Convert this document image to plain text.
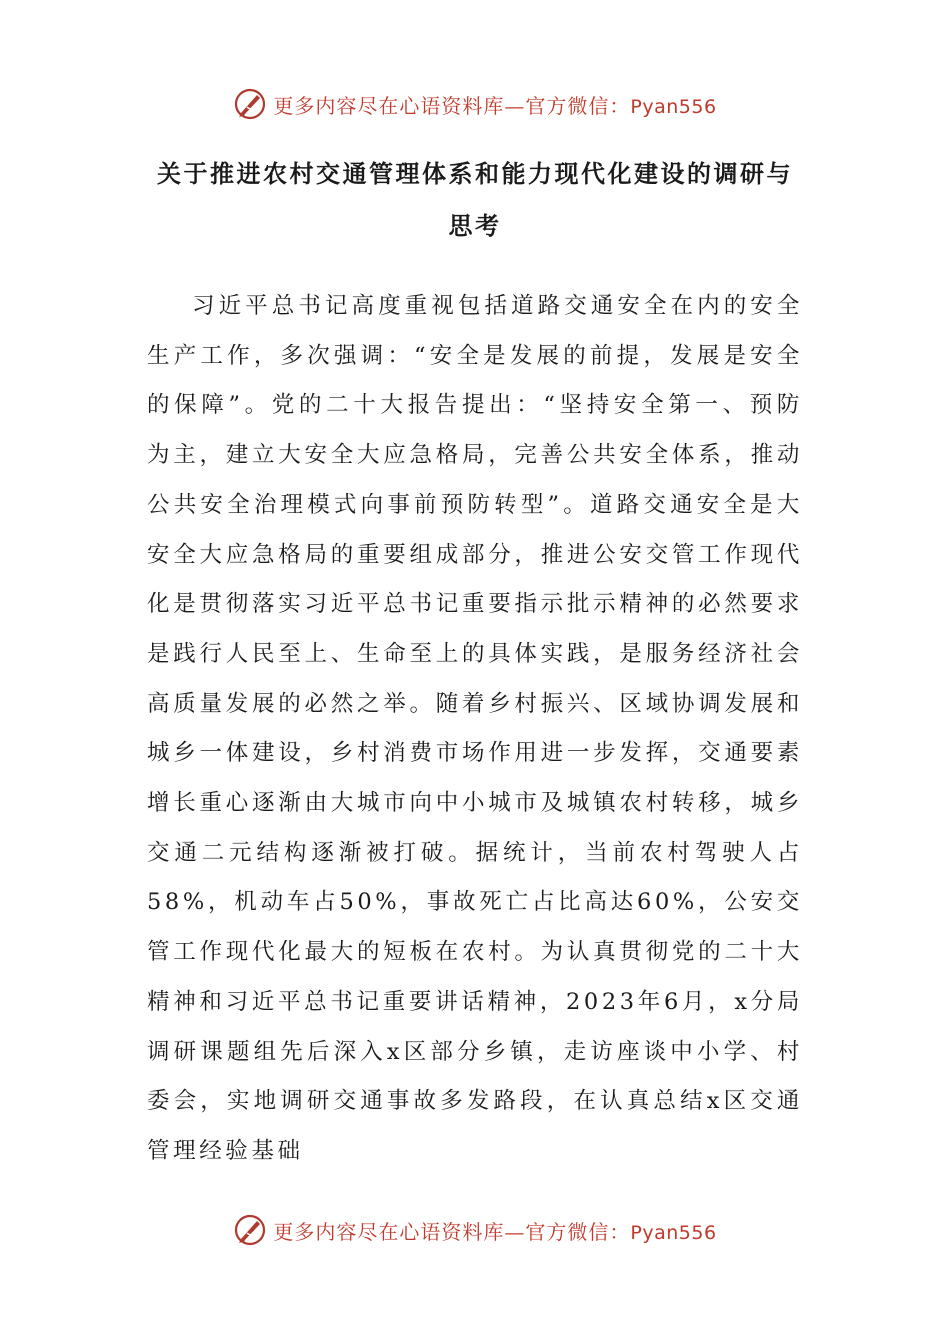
更多内容尽在心语资料库—官方微信：Pyan556
关于推进农村交通管理体系和能力现代化建设的调研与思考

习近平总书记高度重视包括道路交通安全在内的安全生产工作，多次强调：“安全是发展的前提，发展是安全的保障”。党的二十大报告提出：“坚持安全第一、预防为主，建立大安全大应急格局，完善公共安全体系，推动公共安全治理模式向事前预防转型”。道路交通安全是大安全大应急格局的重要组成部分，推进公安交管工作现代化是贯彻落实习近平总书记重要指示批示精神的必然要求是践行人民至上、生命至上的具体实践，是服务经济社会高质量发展的必然之举。随着乡村振兴、区域协调发展和城乡一体建设，乡村消费市场作用进一步发挥，交通要素增长重心逐渐由大城市向中小城市及城镇农村转移，城乡交通二元结构逐渐被打破。据统计，当前农村驾驶人占58%，机动车占50%，事故死亡占比高达60%，公安交管工作现代化最大的短板在农村。为认真贯彻党的二十大精神和习近平总书记重要讲话精神，2023年6月，x分局调研课题组先后深入x区部分乡镇，走访座谈中小学、村委会，实地调研交通事故多发路段，在认真总结x区交通管理经验基础

更多内容尽在心语资料库—官方微信：Pyan556
